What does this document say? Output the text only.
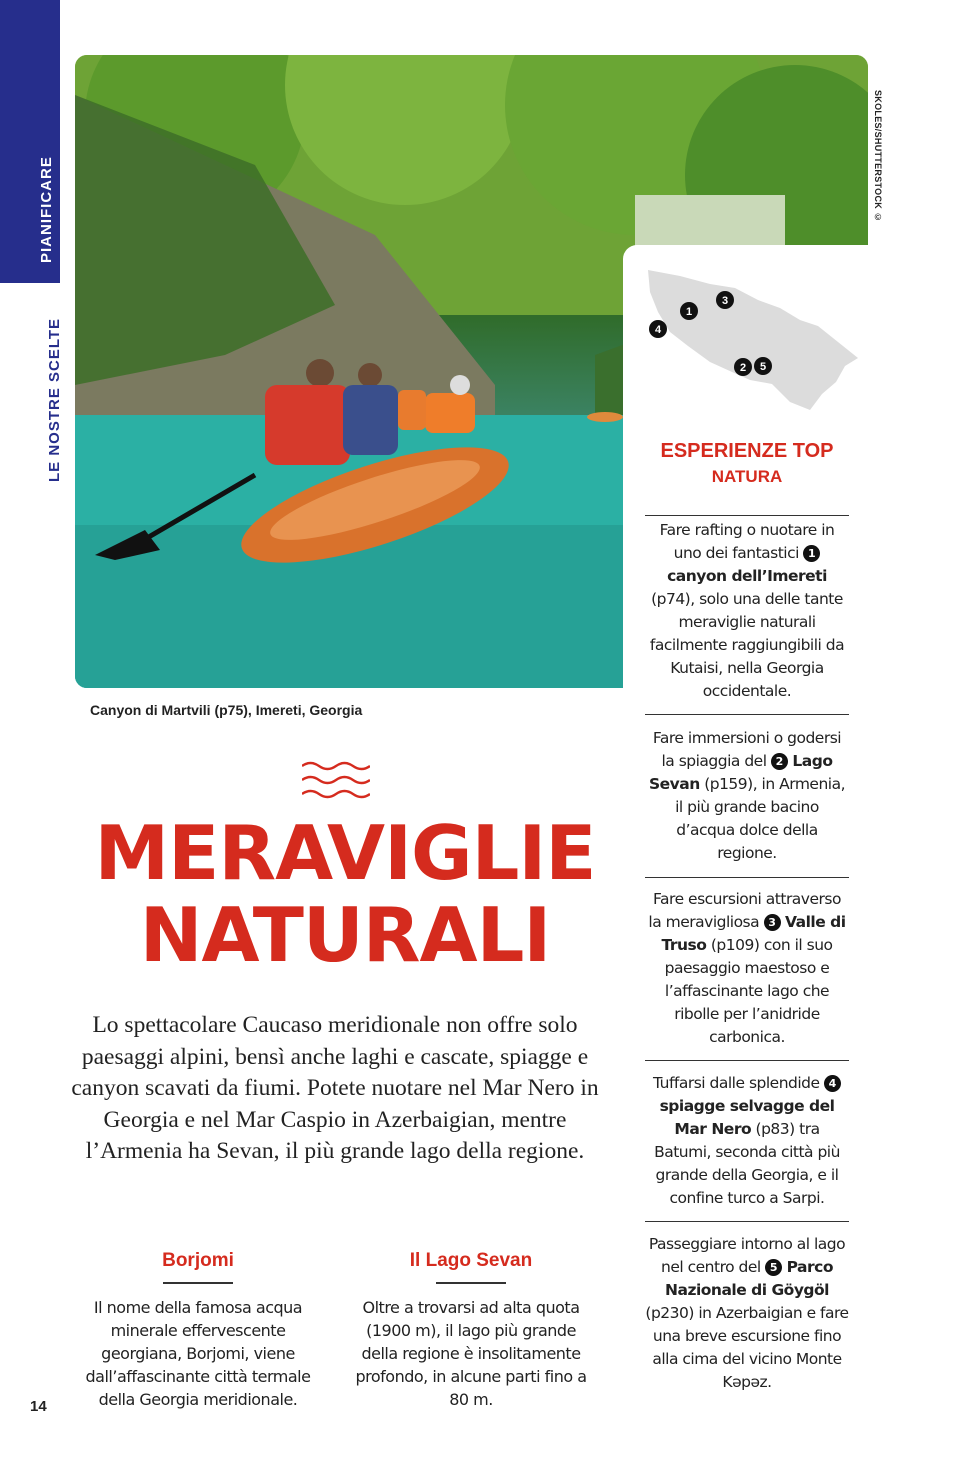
PIANIFICARE
LE NOSTRE SCELTE
SKOLES/SHUTTERSTOCK ©
Canyon di Martvili (p75), Imereti, Georgia
MERAVIGLIE
NATURALI

Lo spettacolare Caucaso meridionale non offre solo paesaggi alpini, bensì anche laghi e cascate, spiagge e canyon scavati da fiumi. Potete nuotare nel Mar Nero in Georgia e nel Mar Caspio in Azerbaigian, mentre l’Armenia ha Sevan, il più grande lago della regione.

Borjomi

Il nome della famosa acqua minerale effervescente georgiana, Borjomi, viene dall’affascinante città termale della Georgia meridionale.

Il Lago Sevan

Oltre a trovarsi ad alta quota (1900 m), il lago più grande della regione è insolitamente profondo, in alcune parti fino a 80 m.

14
1
3
4
2 5
ESPERIENZE TOP
NATURA
Fare rafting o nuotare in uno dei fantastici 1 canyon dell’Imereti (p74), solo una delle tante meraviglie naturali facilmente raggiungibili da Kutaisi, nella Georgia occidentale.
Fare immersioni o godersi la spiaggia del 2 Lago Sevan (p159), in Armenia, il più grande bacino d’acqua dolce della regione.
Fare escursioni attraverso la meravigliosa 3 Valle di Truso (p109) con il suo paesaggio maestoso e l’affascinante lago che ribolle per l’anidride carbonica.
Tuffarsi dalle splendide 4 spiagge selvagge del Mar Nero (p83) tra Batumi, seconda città più grande della Georgia, e il confine turco a Sarpi.
Passeggiare intorno al lago nel centro del 5 Parco Nazionale di Göygöl (p230) in Azerbaigian e fare una breve escursione fino alla cima del vicino Monte Kəpəz.
